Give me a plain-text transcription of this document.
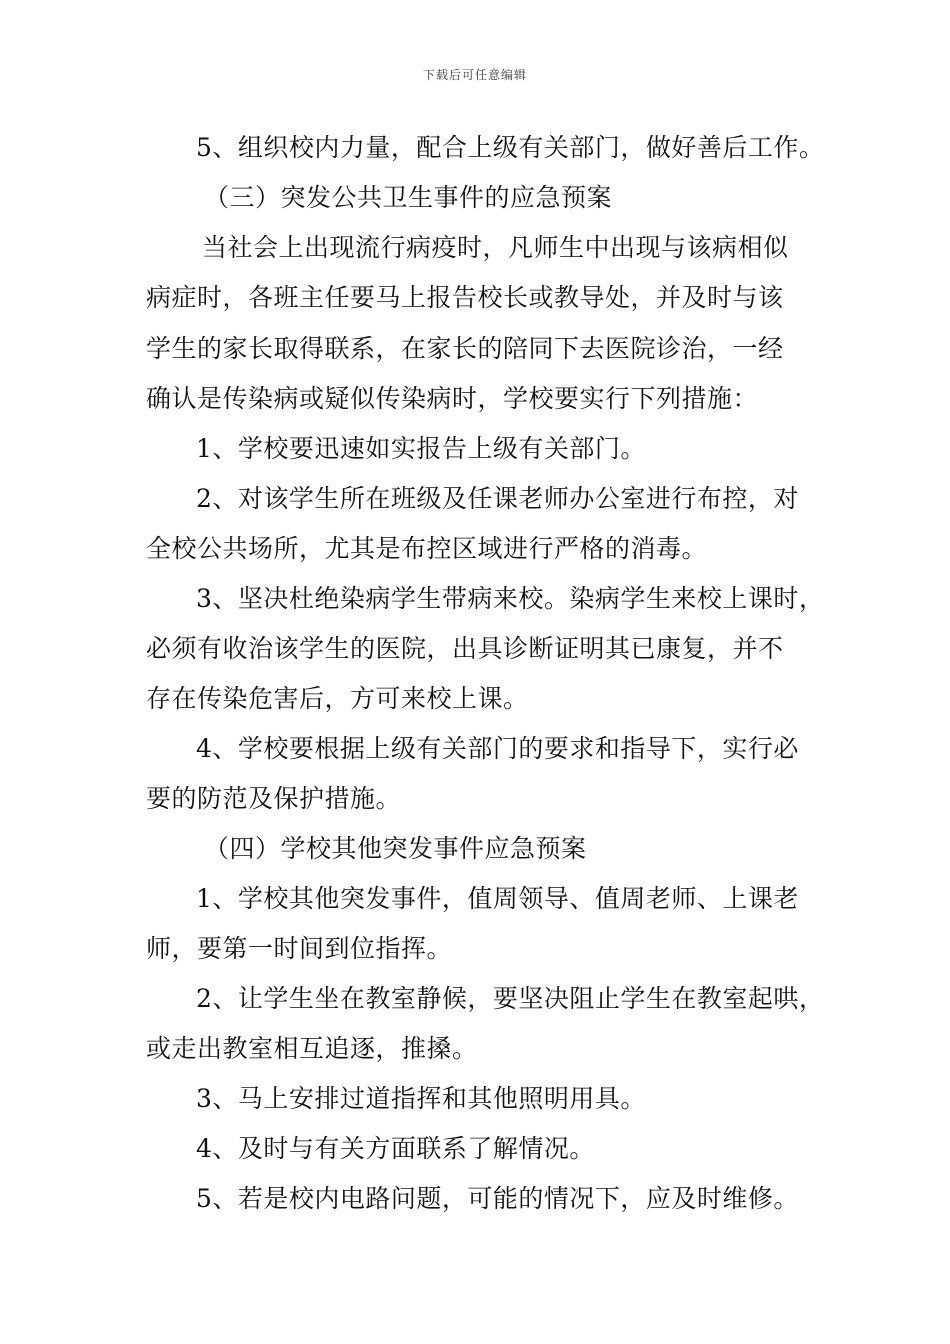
下载后可任意编辑
5、组织校内力量，配合上级有关部门，做好善后工作。
（三）突发公共卫生事件的应急预案
当社会上出现流行病疫时，凡师生中出现与该病相似
病症时，各班主任要马上报告校长或教导处，并及时与该
学生的家长取得联系，在家长的陪同下去医院诊治，一经
确认是传染病或疑似传染病时，学校要实行下列措施：
1、学校要迅速如实报告上级有关部门。
2、对该学生所在班级及任课老师办公室进行布控，对
全校公共场所，尤其是布控区域进行严格的消毒。
3、坚决杜绝染病学生带病来校。染病学生来校上课时，
必须有收治该学生的医院，出具诊断证明其已康复，并不
存在传染危害后，方可来校上课。
4、学校要根据上级有关部门的要求和指导下，实行必
要的防范及保护措施。
（四）学校其他突发事件应急预案
1、学校其他突发事件，值周领导、值周老师、上课老
师，要第一时间到位指挥。
2、让学生坐在教室静候，要坚决阻止学生在教室起哄，
或走出教室相互追逐，推搡。
3、马上安排过道指挥和其他照明用具。
4、及时与有关方面联系了解情况。
5、若是校内电路问题，可能的情况下，应及时维修。
